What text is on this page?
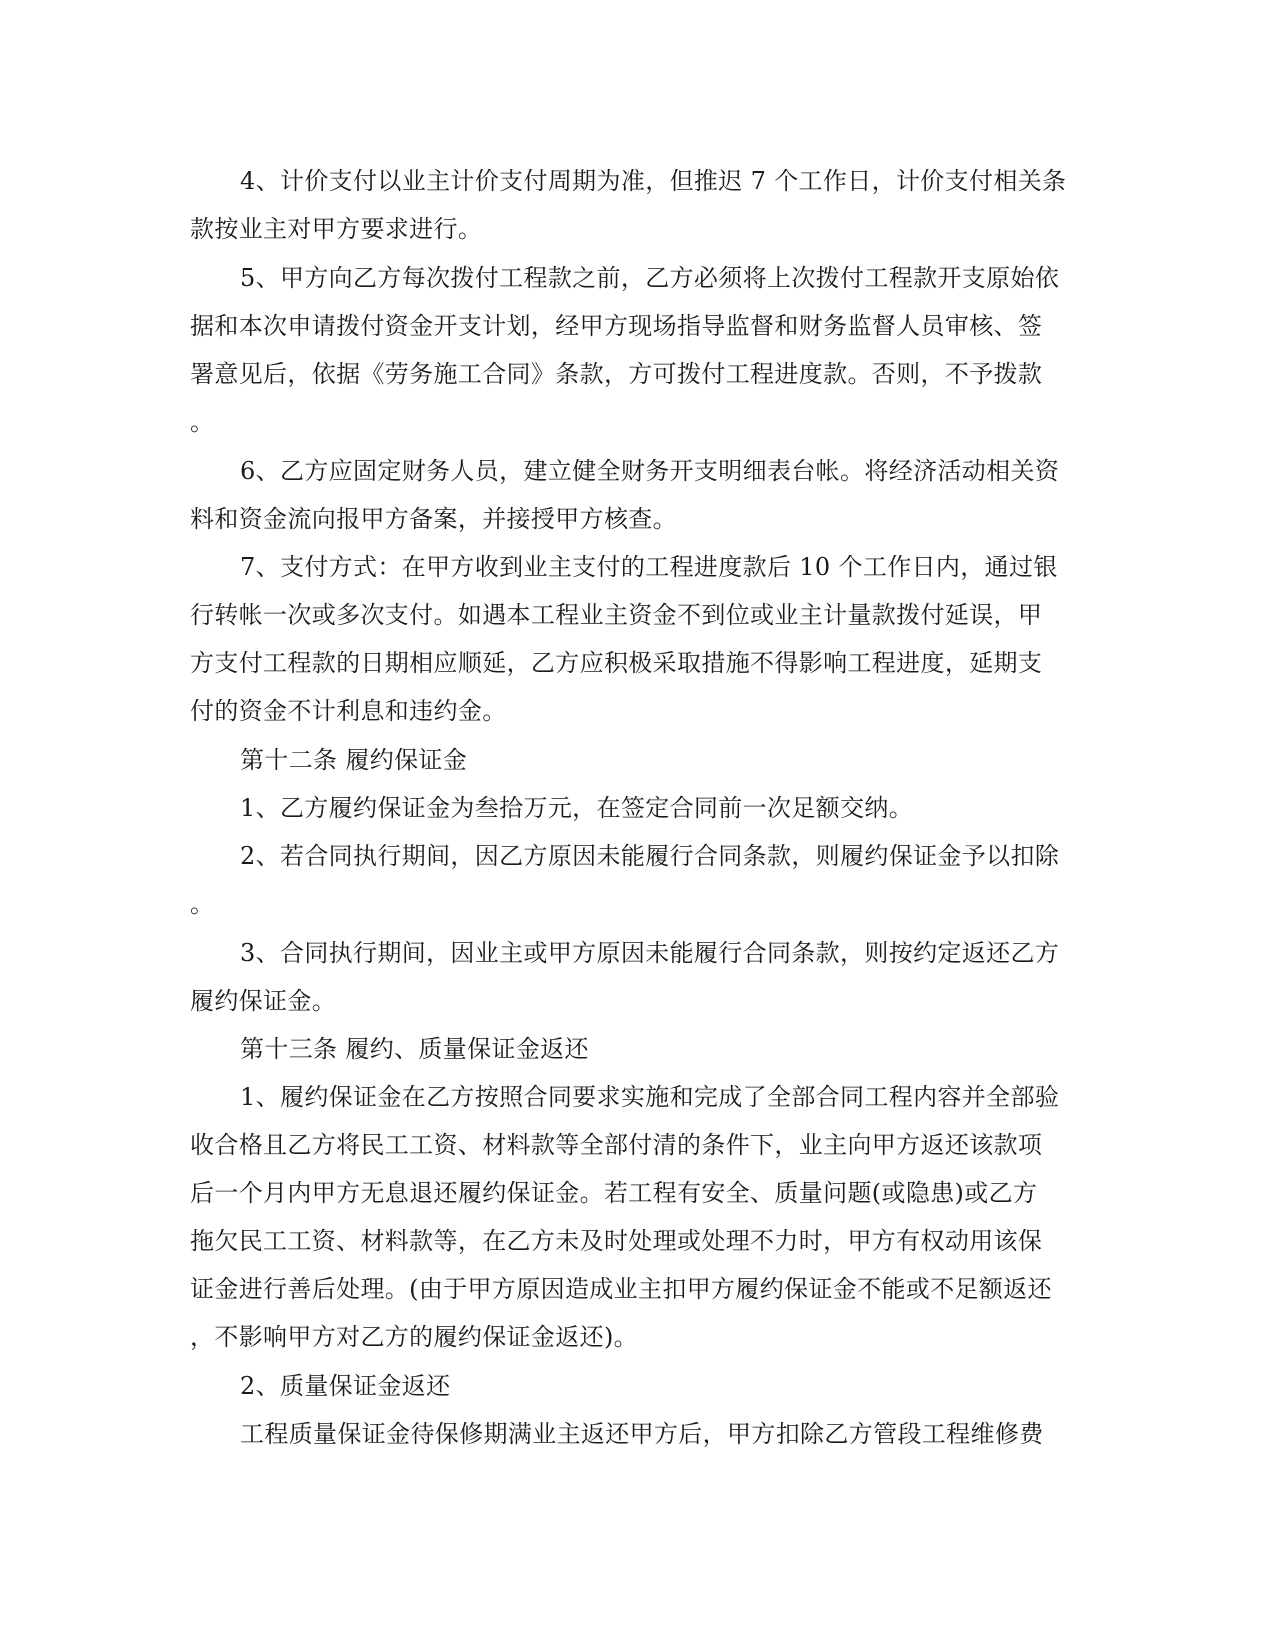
4、计价支付以业主计价支付周期为准，但推迟 7 个工作日，计价支付相关条
款按业主对甲方要求进行。
5、甲方向乙方每次拨付工程款之前，乙方必须将上次拨付工程款开支原始依
据和本次申请拨付资金开支计划，经甲方现场指导监督和财务监督人员审核、签
署意见后，依据《劳务施工合同》条款，方可拨付工程进度款。否则，不予拨款
。
6、乙方应固定财务人员，建立健全财务开支明细表台帐。将经济活动相关资
料和资金流向报甲方备案，并接授甲方核查。
7、支付方式：在甲方收到业主支付的工程进度款后 10 个工作日内，通过银
行转帐一次或多次支付。如遇本工程业主资金不到位或业主计量款拨付延误，甲
方支付工程款的日期相应顺延，乙方应积极采取措施不得影响工程进度，延期支
付的资金不计利息和违约金。
第十二条 履约保证金
1、乙方履约保证金为叁拾万元，在签定合同前一次足额交纳。
2、若合同执行期间，因乙方原因未能履行合同条款，则履约保证金予以扣除
。
3、合同执行期间，因业主或甲方原因未能履行合同条款，则按约定返还乙方
履约保证金。
第十三条 履约、质量保证金返还
1、履约保证金在乙方按照合同要求实施和完成了全部合同工程内容并全部验
收合格且乙方将民工工资、材料款等全部付清的条件下，业主向甲方返还该款项
后一个月内甲方无息退还履约保证金。若工程有安全、质量问题(或隐患)或乙方
拖欠民工工资、材料款等，在乙方未及时处理或处理不力时，甲方有权动用该保
证金进行善后处理。(由于甲方原因造成业主扣甲方履约保证金不能或不足额返还
，不影响甲方对乙方的履约保证金返还)。
2、质量保证金返还
工程质量保证金待保修期满业主返还甲方后，甲方扣除乙方管段工程维修费
